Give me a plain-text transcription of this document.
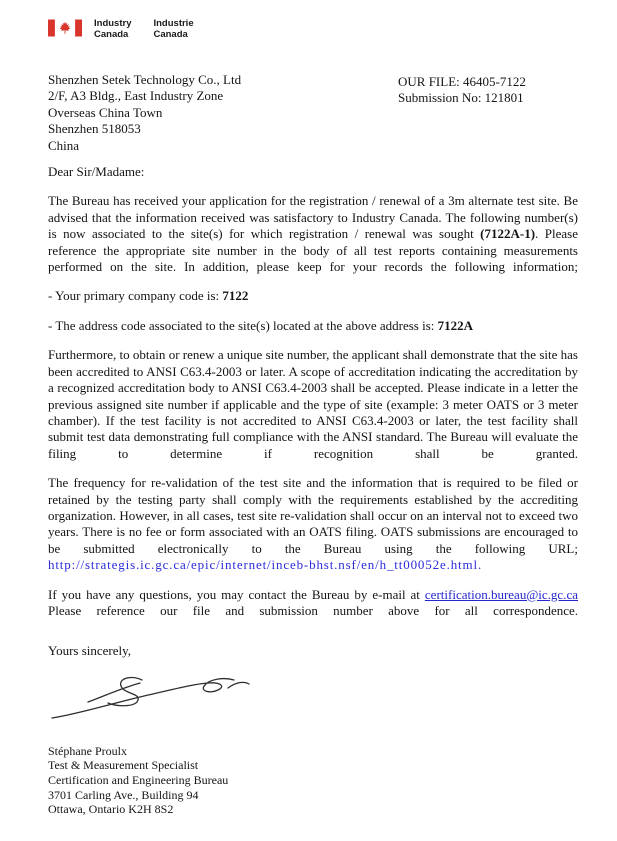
Industry
Canada
Industrie
Canada
Shenzhen Setek Technology Co., Ltd
2/F, A3 Bldg., East Industry Zone
Overseas China Town
Shenzhen 518053
China
OUR FILE: 46405-7122
Submission No: 121801
Dear Sir/Madame:

The Bureau has received your application for the registration / renewal of a 3m alternate test site. Be advised that the information received was satisfactory to Industry Canada. The following number(s) is now associated to the site(s) for which registration / renewal was sought (7122A-1). Please reference the appropriate site number in the body of all test reports containing measurements performed on the site. In addition, please keep for your records the following information;

- Your primary company code is: 7122
- The address code associated to the site(s) located at the above address is: 7122A

Furthermore, to obtain or renew a unique site number, the applicant shall demonstrate that the site has been accredited to ANSI C63.4-2003 or later. A scope of accreditation indicating the accreditation by a recognized accreditation body to ANSI C63.4-2003 shall be accepted. Please indicate in a letter the previous assigned site number if applicable and the type of site (example: 3 meter OATS or 3 meter chamber). If the test facility is not accredited to ANSI C63.4-2003 or later, the test facility shall submit test data demonstrating full compliance with the ANSI standard. The Bureau will evaluate the filing to determine if recognition shall be granted.

The frequency for re-validation of the test site and the information that is required to be filed or retained by the testing party shall comply with the requirements established by the accrediting organization. However, in all cases, test site re-validation shall occur on an interval not to exceed two years. There is no fee or form associated with an OATS filing. OATS submissions are encouraged to be submitted electronically to the Bureau using the following URL; http://strategis.ic.gc.ca/epic/internet/inceb-bhst.nsf/en/h_tt00052e.html.

If you have any questions, you may contact the Bureau by e-mail at certification.bureau@ic.gc.ca Please reference our file and submission number above for all correspondence.

Yours sincerely,
Stéphane Proulx
Test & Measurement Specialist
Certification and Engineering Bureau
3701 Carling Ave., Building 94
Ottawa, Ontario K2H 8S2
